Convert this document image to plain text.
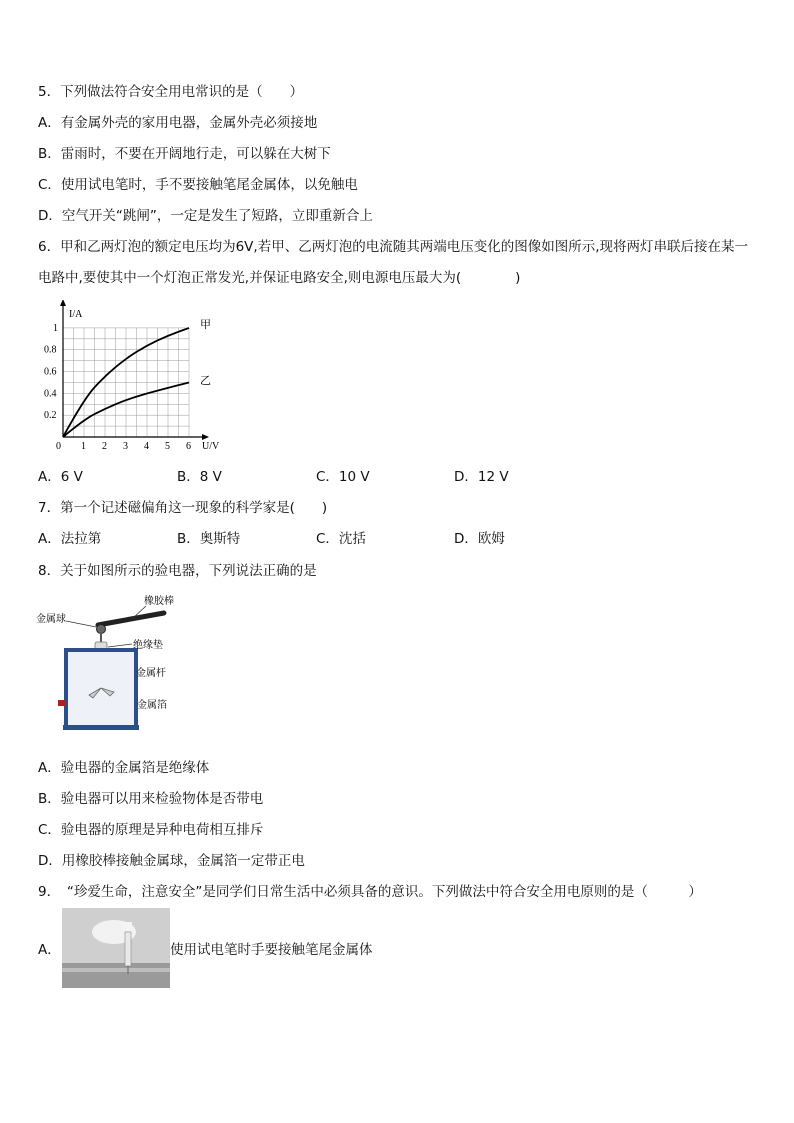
5．下列做法符合安全用电常识的是（　　）
A．有金属外壳的家用电器，金属外壳必须接地
B．雷雨时，不要在开阔地行走，可以躲在大树下
C．使用试电笔时，手不要接触笔尾金属体，以免触电
D．空气开关“跳闸”，一定是发生了短路，立即重新合上
6．甲和乙两灯泡的额定电压均为6V,若甲、乙两灯泡的电流随其两端电压变化的图像如图所示,现将两灯串联后接在某一电路中,要使其中一个灯泡正常发光,并保证电路安全,则电源电压最大为(　　　　)
0 1 2 3 4 5 6
0.2
0.4
0.6
0.8
1
I/A
U/V
甲
乙
A．6 V	B．8 V	C．10 V	D．12 V
7．第一个记述磁偏角这一现象的科学家是(　　)
A．法拉第	B．奥斯特	C．沈括	D．欧姆
8．关于如图所示的验电器，下列说法正确的是
橡胶棒
金属球
绝缘垫
金属杆
金属箔
A．验电器的金属箔是绝缘体
B．验电器可以用来检验物体是否带电
C．验电器的原理是异种电荷相互排斥
D．用橡胶棒接触金属球，金属箔一定带正电
9．　“珍爱生命，注意安全”是同学们日常生活中必须具备的意识。下列做法中符合安全用电原则的是（　　　）
A．	使用试电笔时手要接触笔尾金属体
